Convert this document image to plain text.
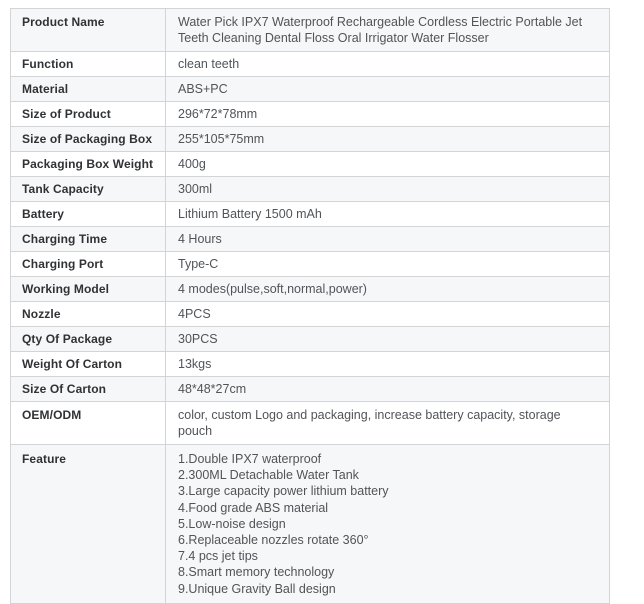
Product Name	Water Pick IPX7 Waterproof Rechargeable Cordless Electric Portable Jet Teeth Cleaning Dental Floss Oral Irrigator Water Flosser
Function	clean teeth
Material	ABS+PC
Size of Product	296*72*78mm
Size of Packaging Box	255*105*75mm
Packaging Box Weight	400g
Tank Capacity	300ml
Battery	Lithium Battery 1500 mAh
Charging Time	4 Hours
Charging Port	Type-C
Working Model	4 modes(pulse,soft,normal,power)
Nozzle	4PCS
Qty Of Package	30PCS
Weight Of Carton	13kgs
Size Of Carton	48*48*27cm
OEM/ODM	color, custom Logo and packaging, increase battery capacity, storage pouch
Feature	1.Double IPX7 waterproof
2.300ML Detachable Water Tank
3.Large capacity power lithium battery
4.Food grade ABS material
5.Low-noise design
6.Replaceable nozzles rotate 360°
7.4 pcs jet tips
8.Smart memory technology
9.Unique Gravity Ball design
